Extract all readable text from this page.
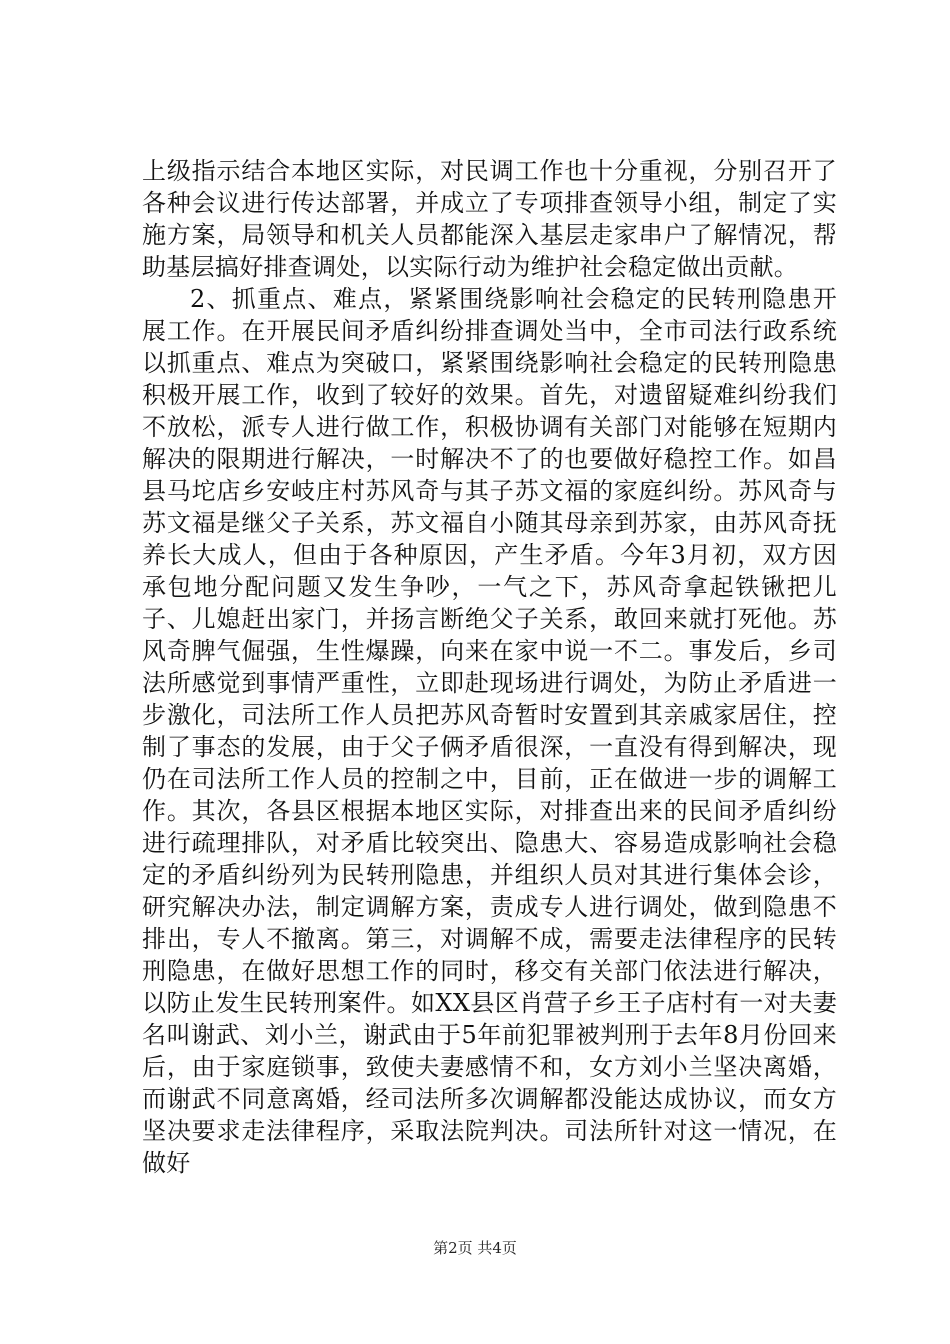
上级指示结合本地区实际，对民调工作也十分重视，分别召开了各种会议进行传达部署，并成立了专项排查领导小组，制定了实施方案，局领导和机关人员都能深入基层走家串户了解情况，帮助基层搞好排查调处，以实际行动为维护社会稳定做出贡献。

2、抓重点、难点，紧紧围绕影响社会稳定的民转刑隐患开展工作。在开展民间矛盾纠纷排查调处当中，全市司法行政系统以抓重点、难点为突破口，紧紧围绕影响社会稳定的民转刑隐患积极开展工作，收到了较好的效果。首先，对遗留疑难纠纷我们不放松，派专人进行做工作，积极协调有关部门对能够在短期内解决的限期进行解决，一时解决不了的也要做好稳控工作。如昌县马坨店乡安岐庄村苏风奇与其子苏文福的家庭纠纷。苏风奇与苏文福是继父子关系，苏文福自小随其母亲到苏家，由苏风奇抚养长大成人，但由于各种原因，产生矛盾。今年3月初，双方因承包地分配问题又发生争吵，一气之下，苏风奇拿起铁锹把儿子、儿媳赶出家门，并扬言断绝父子关系，敢回来就打死他。苏风奇脾气倔强，生性爆躁，向来在家中说一不二。事发后，乡司法所感觉到事情严重性，立即赴现场进行调处，为防止矛盾进一步激化，司法所工作人员把苏风奇暂时安置到其亲戚家居住，控制了事态的发展，由于父子俩矛盾很深，一直没有得到解决，现仍在司法所工作人员的控制之中，目前，正在做进一步的调解工作。其次，各县区根据本地区实际，对排查出来的民间矛盾纠纷进行疏理排队，对矛盾比较突出、隐患大、容易造成影响社会稳定的矛盾纠纷列为民转刑隐患，并组织人员对其进行集体会诊，研究解决办法，制定调解方案，责成专人进行调处，做到隐患不排出，专人不撤离。第三，对调解不成，需要走法律程序的民转刑隐患，在做好思想工作的同时，移交有关部门依法进行解决，以防止发生民转刑案件。如XX县区肖营子乡王子店村有一对夫妻名叫谢武、刘小兰，谢武由于5年前犯罪被判刑于去年8月份回来后，由于家庭锁事，致使夫妻感情不和，女方刘小兰坚决离婚，而谢武不同意离婚，经司法所多次调解都没能达成协议，而女方坚决要求走法律程序，采取法院判决。司法所针对这一情况，在做好

第2页 共4页
